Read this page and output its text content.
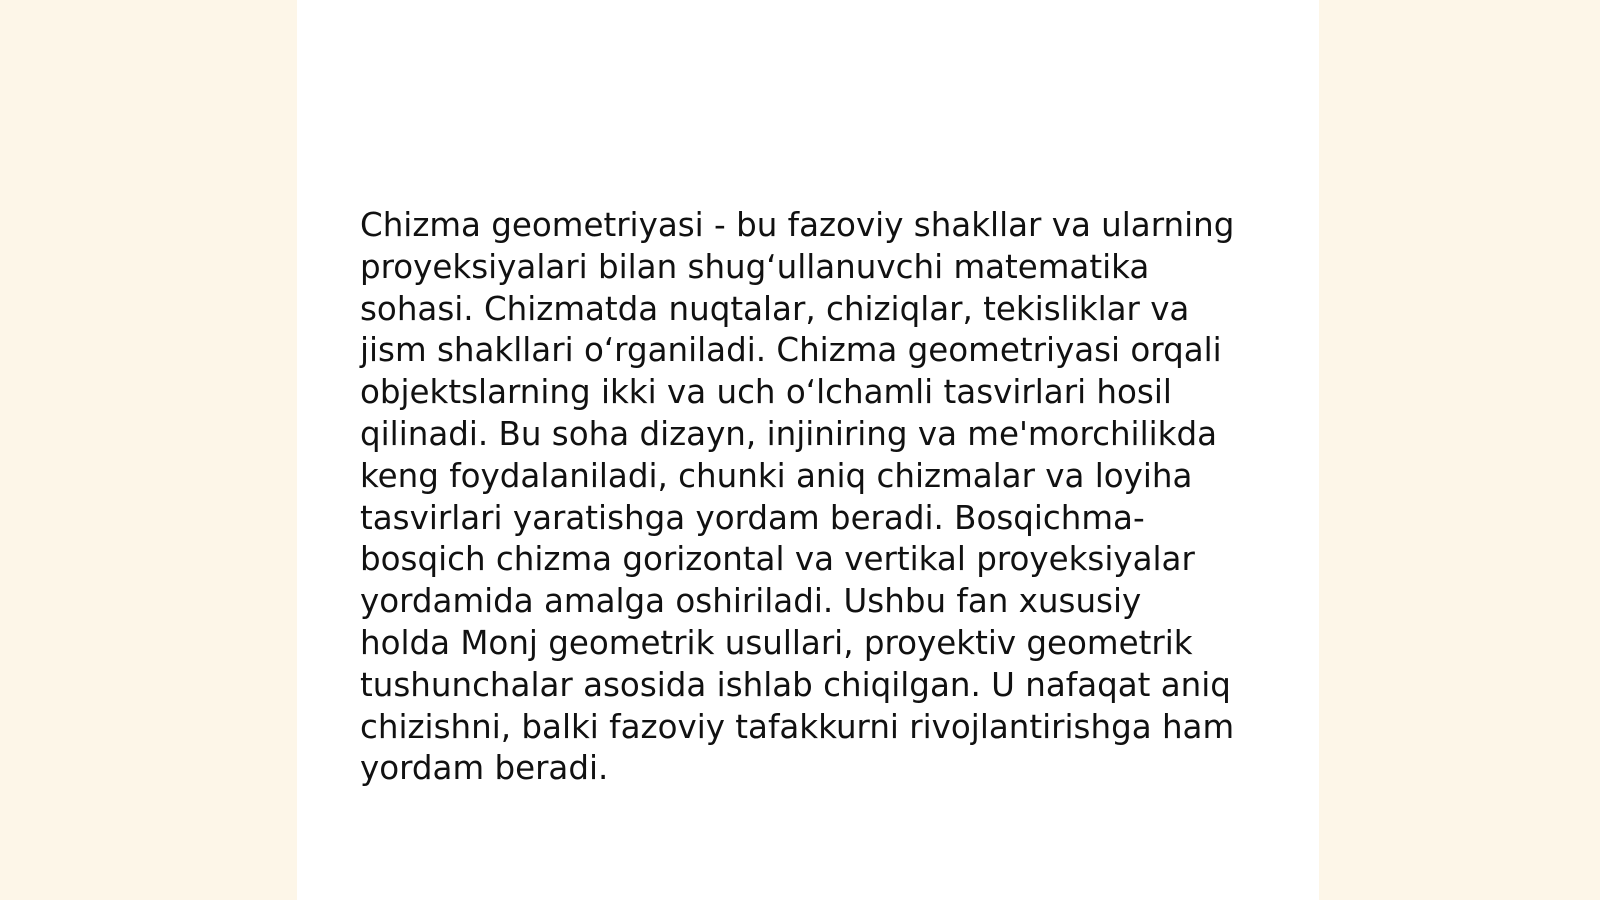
Chizma geometriyasi - bu fazoviy shakllar va ularning
proyeksiyalari bilan shug‘ullanuvchi matematika
sohasi. Chizmatda nuqtalar, chiziqlar, tekisliklar va
jism shakllari o‘rganiladi. Chizma geometriyasi orqali
objektslarning ikki va uch o‘lchamli tasvirlari hosil
qilinadi. Bu soha dizayn, injiniring va me'morchilikda
keng foydalaniladi, chunki aniq chizmalar va loyiha
tasvirlari yaratishga yordam beradi. Bosqichma-
bosqich chizma gorizontal va vertikal proyeksiyalar
yordamida amalga oshiriladi. Ushbu fan xususiy
holda Monj geometrik usullari, proyektiv geometrik
tushunchalar asosida ishlab chiqilgan. U nafaqat aniq
chizishni, balki fazoviy tafakkurni rivojlantirishga ham
yordam beradi.
